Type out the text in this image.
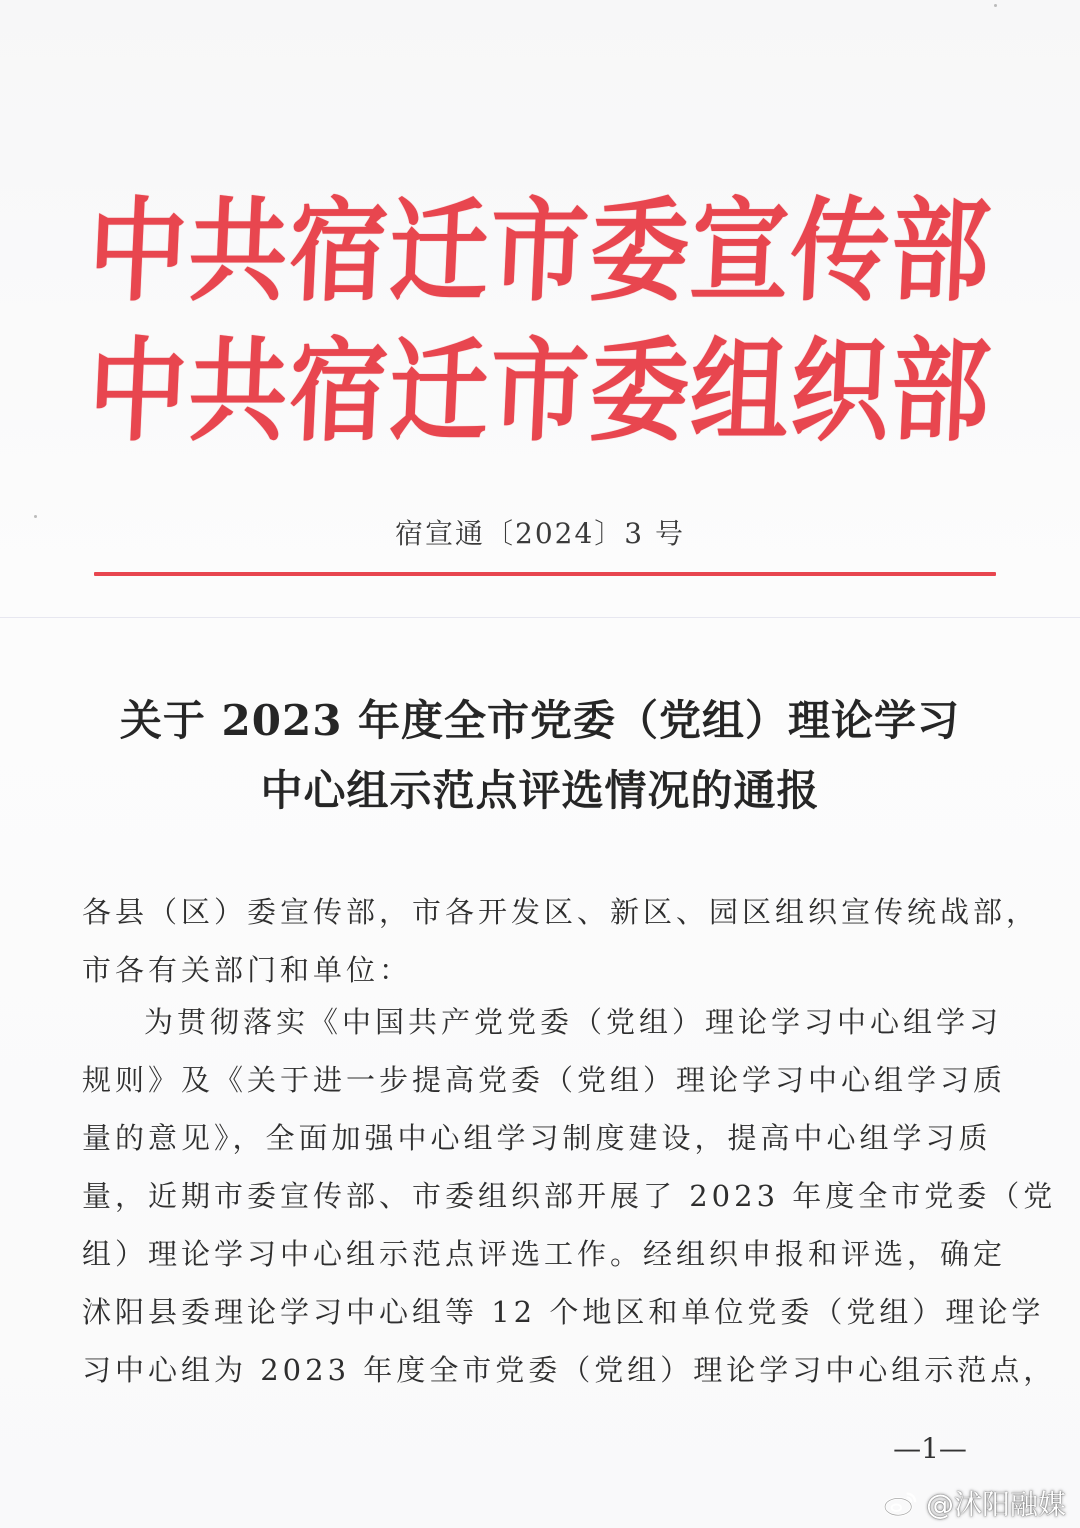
中共宿迁市委宣传部
中共宿迁市委组织部
宿宣通〔2024〕3 号
关于 2023 年度全市党委（党组）理论学习
中心组示范点评选情况的通报
各县（区）委宣传部，市各开发区、新区、园区组织宣传统战部，
市各有关部门和单位：
为贯彻落实《中国共产党党委（党组）理论学习中心组学习
规则》及《关于进一步提高党委（党组）理论学习中心组学习质
量的意见》，全面加强中心组学习制度建设，提高中心组学习质
量，近期市委宣传部、市委组织部开展了 2023 年度全市党委（党
组）理论学习中心组示范点评选工作。经组织申报和评选，确定
沭阳县委理论学习中心组等 12 个地区和单位党委（党组）理论学
习中心组为 2023 年度全市党委（党组）理论学习中心组示范点，
—1—
@沭阳融媒
